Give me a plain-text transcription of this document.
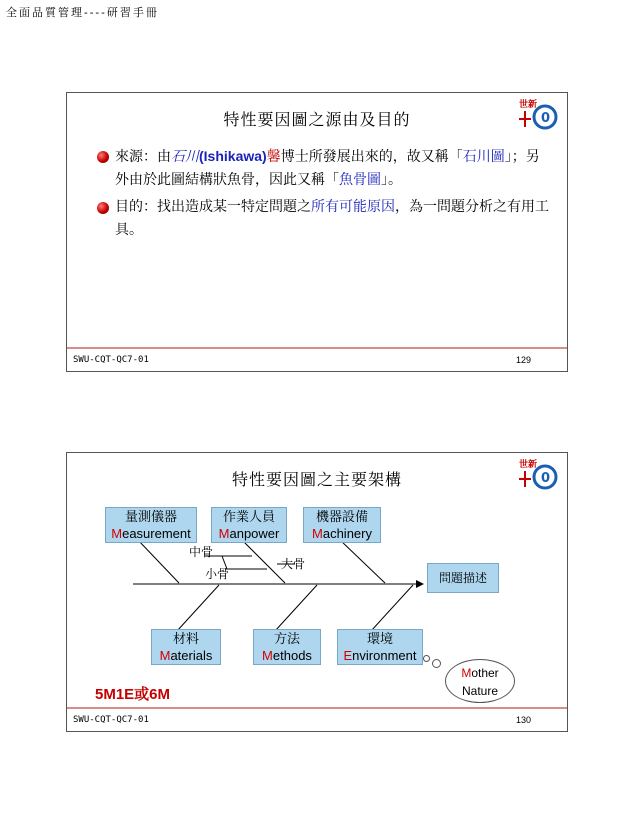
全面品質管理----研習手冊
特性要因圖之源由及目的
世新
0
來源：由石川(Ishikawa)馨博士所發展出來的，故又稱「石川圖」；另外由於此圖結構狀魚骨，因此又稱「魚骨圖」。
目的：找出造成某一特定問題之所有可能原因，為一問題分析之有用工具。
SWU-CQT-QC7-01	129
特性要因圖之主要架構
世新
0
量測儀器
Measurement
作業人員
Manpower
機器設備
Machinery
中骨
小骨
大骨
問題描述
材料
Materials
方法
Methods
環境
Environment
Mother
Nature
5M1E或6M
SWU-CQT-QC7-01	130
